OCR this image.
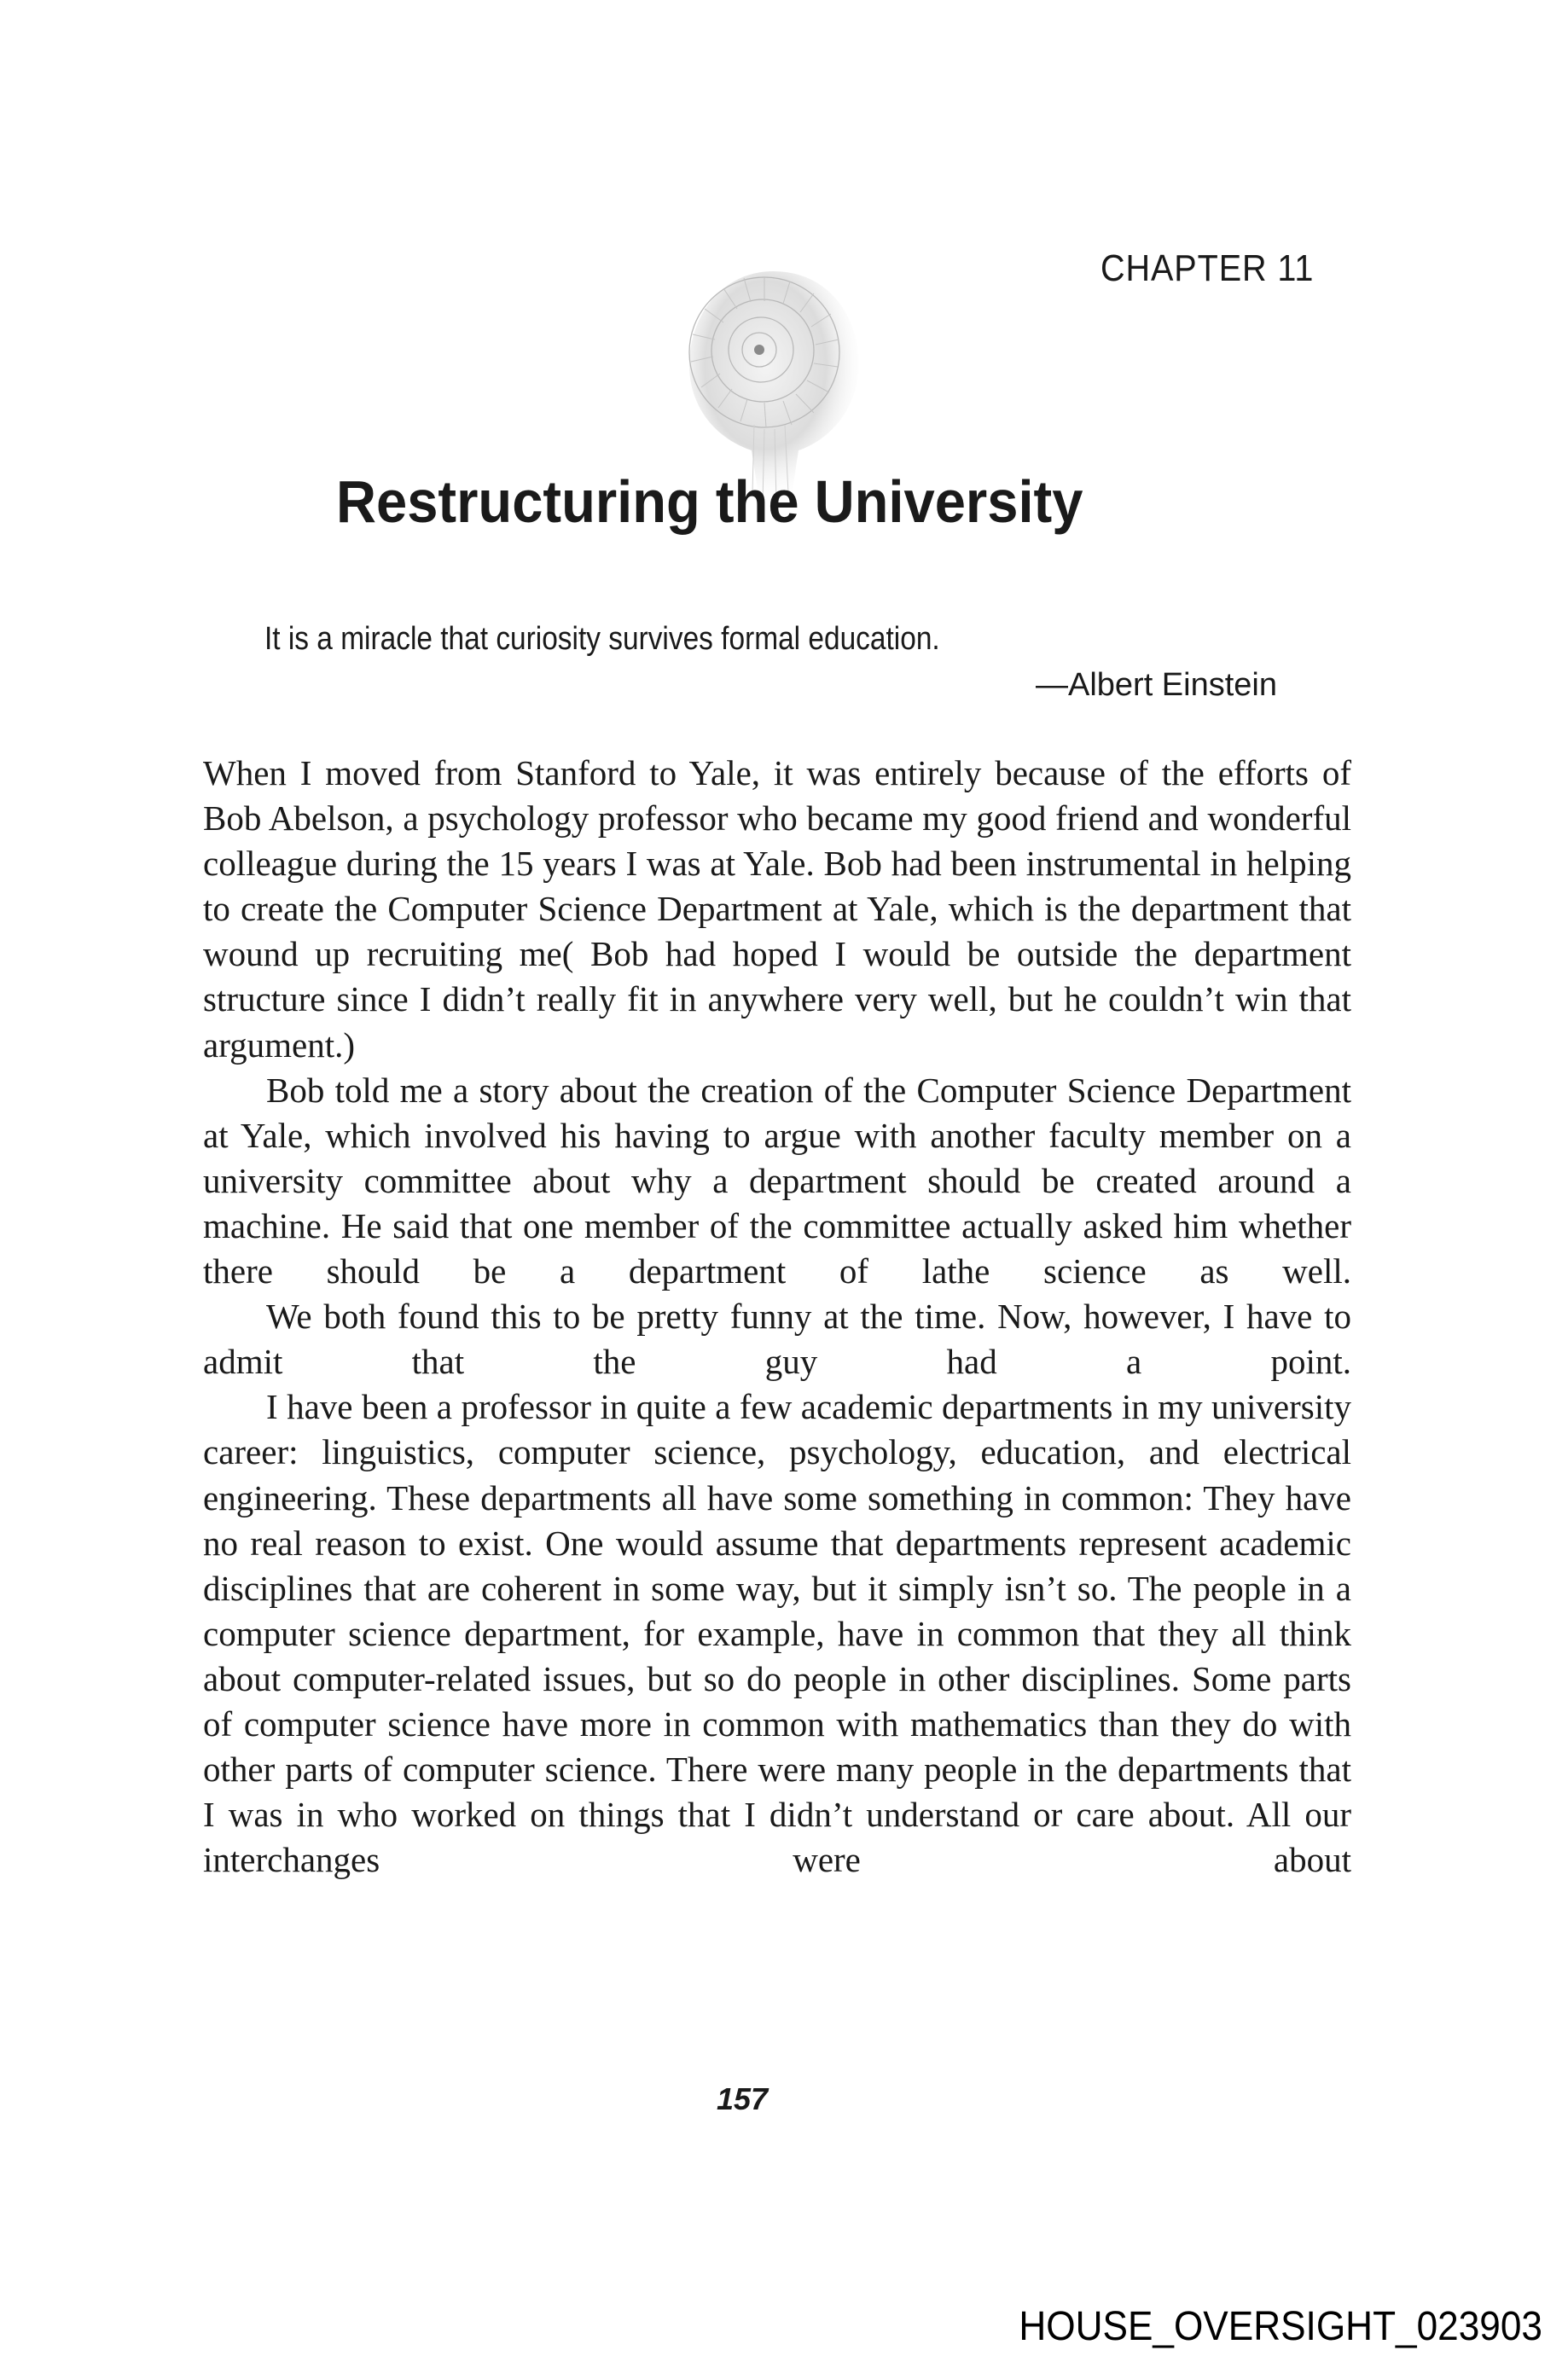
CHAPTER 11
Restructuring the University
It is a miracle that curiosity survives formal education.
—Albert Einstein

When I moved from Stanford to Yale, it was entirely because of the efforts of Bob Abelson, a psychology professor who became my good friend and wonderful colleague during the 15 years I was at Yale. Bob had been instrumental in helping to create the Computer Science Department at Yale, which is the department that wound up recruiting me( Bob had hoped I would be outside the department structure since I didn’t really fit in anywhere very well, but he couldn’t win that argument.)

Bob told me a story about the creation of the Computer Science Department at Yale, which involved his having to argue with another faculty member on a university committee about why a department should be created around a machine. He said that one member of the committee actually asked him whether there should be a department of lathe science as well.

We both found this to be pretty funny at the time. Now, however, I have to admit that the guy had a point.

I have been a professor in quite a few academic departments in my university career: linguistics, computer science, psychology, education, and electrical engineering. These departments all have some something in common: They have no real reason to exist. One would assume that departments represent academic disciplines that are coherent in some way, but it simply isn’t so. The people in a computer science department, for example, have in common that they all think about computer-related issues, but so do people in other disciplines. Some parts of computer science have more in common with mathematics than they do with other parts of computer science. There were many people in the departments that I was in who worked on things that I didn’t understand or care about. All our interchanges were about

157
HOUSE_OVERSIGHT_023903
